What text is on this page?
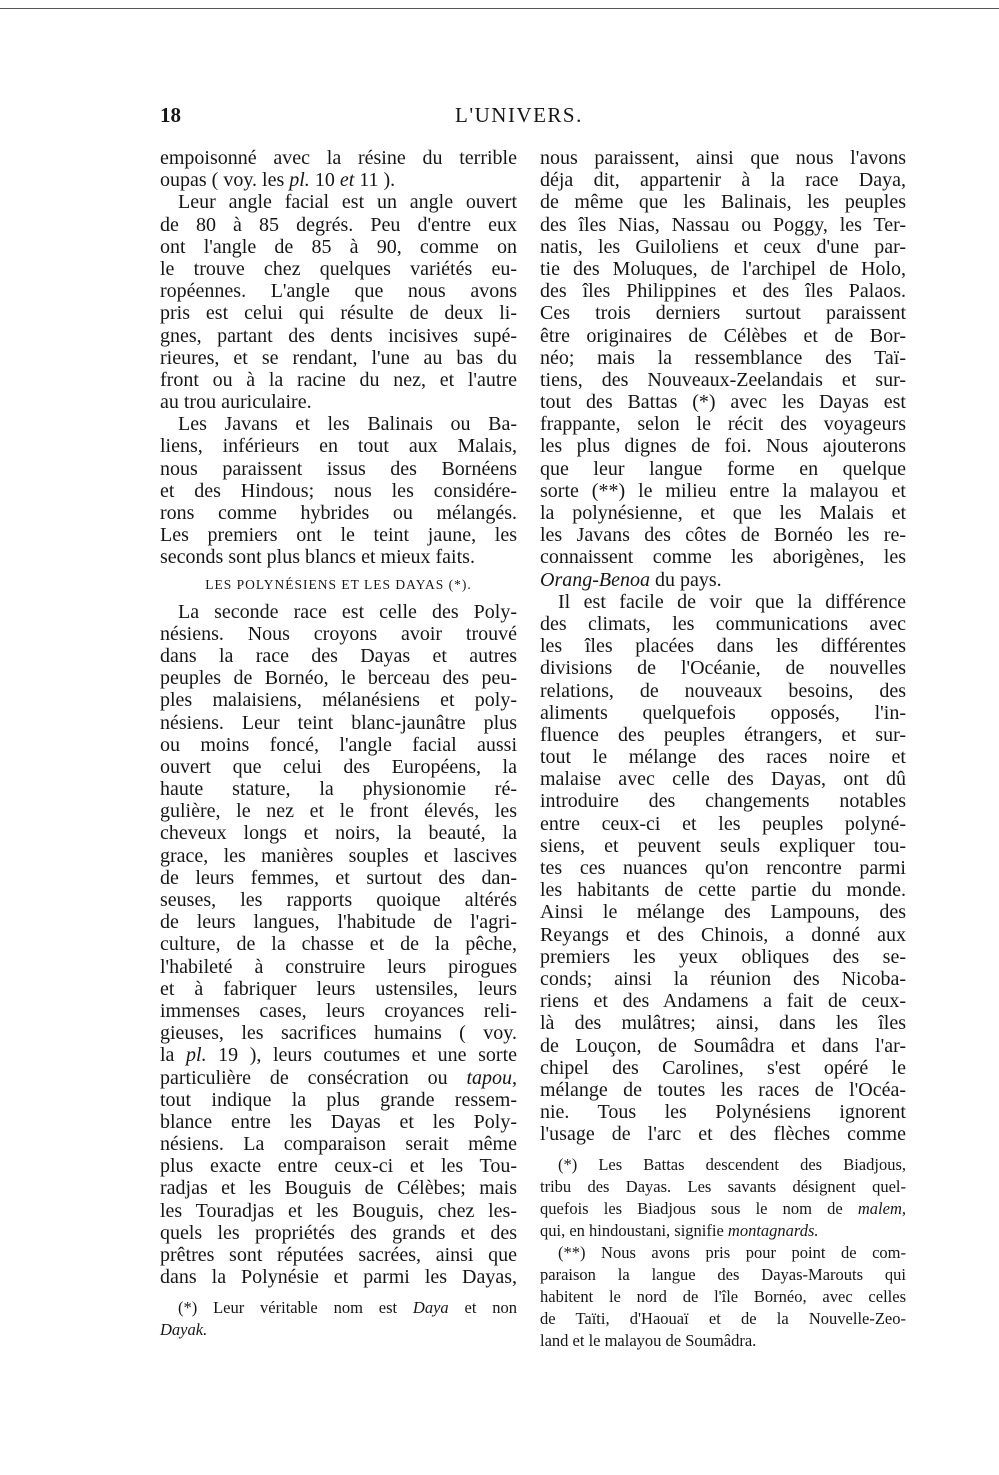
18	L'UNIVERS.
empoisonné avec la résine du terrible
oupas ( voy. les pl. 10 et 11 ).
Leur angle facial est un angle ouvert
de 80 à 85 degrés. Peu d'entre eux
ont l'angle de 85 à 90, comme on
le trouve chez quelques variétés eu-
ropéennes. L'angle que nous avons
pris est celui qui résulte de deux li-
gnes, partant des dents incisives supé-
rieures, et se rendant, l'une au bas du
front ou à la racine du nez, et l'autre
au trou auriculaire.
Les Javans et les Balinais ou Ba-
liens, inférieurs en tout aux Malais,
nous paraissent issus des Bornéens
et des Hindous; nous les considére-
rons comme hybrides ou mélangés.
Les premiers ont le teint jaune, les
seconds sont plus blancs et mieux faits.
LES POLYNÉSIENS ET LES DAYAS (*).
La seconde race est celle des Poly-
nésiens. Nous croyons avoir trouvé
dans la race des Dayas et autres
peuples de Bornéo, le berceau des peu-
ples malaisiens, mélanésiens et poly-
nésiens. Leur teint blanc-jaunâtre plus
ou moins foncé, l'angle facial aussi
ouvert que celui des Européens, la
haute stature, la physionomie ré-
gulière, le nez et le front élevés, les
cheveux longs et noirs, la beauté, la
grace, les manières souples et lascives
de leurs femmes, et surtout des dan-
seuses, les rapports quoique altérés
de leurs langues, l'habitude de l'agri-
culture, de la chasse et de la pêche,
l'habileté à construire leurs pirogues
et à fabriquer leurs ustensiles, leurs
immenses cases, leurs croyances reli-
gieuses, les sacrifices humains ( voy.
la pl. 19 ), leurs coutumes et une sorte
particulière de consécration ou tapou,
tout indique la plus grande ressem-
blance entre les Dayas et les Poly-
nésiens. La comparaison serait même
plus exacte entre ceux-ci et les Tou-
radjas et les Bouguis de Célèbes; mais
les Touradjas et les Bouguis, chez les-
quels les propriétés des grands et des
prêtres sont réputées sacrées, ainsi que
dans la Polynésie et parmi les Dayas,
(*) Leur véritable nom est Daya et non
Dayak.
nous paraissent, ainsi que nous l'avons
déja dit, appartenir à la race Daya,
de même que les Balinais, les peuples
des îles Nias, Nassau ou Poggy, les Ter-
natis, les Guiloliens et ceux d'une par-
tie des Moluques, de l'archipel de Holo,
des îles Philippines et des îles Palaos.
Ces trois derniers surtout paraissent
être originaires de Célèbes et de Bor-
néo; mais la ressemblance des Taï-
tiens, des Nouveaux-Zeelandais et sur-
tout des Battas (*) avec les Dayas est
frappante, selon le récit des voyageurs
les plus dignes de foi. Nous ajouterons
que leur langue forme en quelque
sorte (**) le milieu entre la malayou et
la polynésienne, et que les Malais et
les Javans des côtes de Bornéo les re-
connaissent comme les aborigènes, les
Orang-Benoa du pays.
Il est facile de voir que la différence
des climats, les communications avec
les îles placées dans les différentes
divisions de l'Océanie, de nouvelles
relations, de nouveaux besoins, des
aliments quelquefois opposés, l'in-
fluence des peuples étrangers, et sur-
tout le mélange des races noire et
malaise avec celle des Dayas, ont dû
introduire des changements notables
entre ceux-ci et les peuples polyné-
siens, et peuvent seuls expliquer tou-
tes ces nuances qu'on rencontre parmi
les habitants de cette partie du monde.
Ainsi le mélange des Lampouns, des
Reyangs et des Chinois, a donné aux
premiers les yeux obliques des se-
conds; ainsi la réunion des Nicoba-
riens et des Andamens a fait de ceux-
là des mulâtres; ainsi, dans les îles
de Louçon, de Soumâdra et dans l'ar-
chipel des Carolines, s'est opéré le
mélange de toutes les races de l'Océa-
nie. Tous les Polynésiens ignorent
l'usage de l'arc et des flèches comme
(*) Les Battas descendent des Biadjous,
tribu des Dayas. Les savants désignent quel-
quefois les Biadjous sous le nom de malem,
qui, en hindoustani, signifie montagnards.
(**) Nous avons pris pour point de com-
paraison la langue des Dayas-Marouts qui
habitent le nord de l'île Bornéo, avec celles
de Taïti, d'Haouaï et de la Nouvelle-Zeo-
land et le malayou de Soumâdra.
